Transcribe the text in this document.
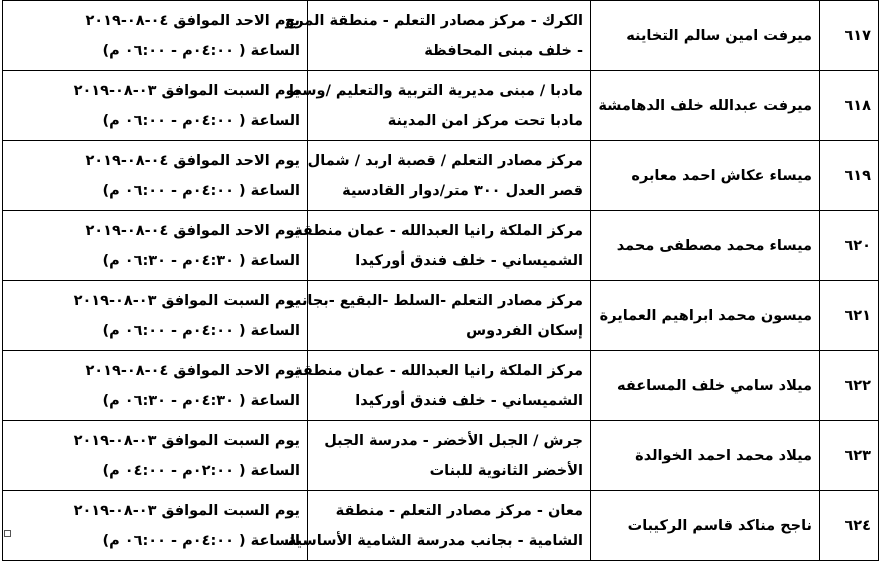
٦١٧	ميرفت امين سالم التخاينه	الكرك - مركز مصادر التعلم - منطقة المرج
- خلف مبنى المحافظة	يوم الاحد الموافق ٠٤-٠٨-٢٠١٩
الساعة ( ٠٤:٠٠م - ٠٦:٠٠ م)

٦١٨	ميرفت عبدالله خلف الدهامشة	مادبا / مبنى مديرية التربية والتعليم /وسط
مادبا تحت مركز امن المدينة	يوم السبت الموافق ٠٣-٠٨-٢٠١٩
الساعة ( ٠٤:٠٠م - ٠٦:٠٠ م)

٦١٩	ميساء عكاش احمد معابره	مركز مصادر التعلم / قصبة اربد / شمال
قصر العدل ٣٠٠ متر/دوار القادسية	يوم الاحد الموافق ٠٤-٠٨-٢٠١٩
الساعة ( ٠٤:٠٠م - ٠٦:٠٠ م)

٦٢٠	ميساء محمد مصطفى محمد	مركز الملكة رانيا العبدالله - عمان منطقة
الشميساني - خلف فندق أوركيدا	يوم الاحد الموافق ٠٤-٠٨-٢٠١٩
الساعة ( ٠٤:٣٠م - ٠٦:٣٠ م)

٦٢١	ميسون محمد ابراهيم العمايرة	مركز مصادر التعلم -السلط -البقيع -بجانب
إسكان الفردوس	يوم السبت الموافق ٠٣-٠٨-٢٠١٩
الساعة ( ٠٤:٠٠م - ٠٦:٠٠ م)

٦٢٢	ميلاد سامي خلف المساعفه	مركز الملكة رانيا العبدالله - عمان منطقة
الشميساني - خلف فندق أوركيدا	يوم الاحد الموافق ٠٤-٠٨-٢٠١٩
الساعة ( ٠٤:٣٠م - ٠٦:٣٠ م)

٦٢٣	ميلاد محمد احمد الخوالدة	جرش / الجبل الأخضر - مدرسة الجبل
الأخضر الثانوية للبنات	يوم السبت الموافق ٠٣-٠٨-٢٠١٩
الساعة ( ٠٢:٠٠م - ٠٤:٠٠ م)

٦٢٤	ناجح مناكد قاسم الركيبات	معان - مركز مصادر التعلم - منطقة
الشامية - بجانب مدرسة الشامية الأساسية	يوم السبت الموافق ٠٣-٠٨-٢٠١٩
الساعة ( ٠٤:٠٠م - ٠٦:٠٠ م)
